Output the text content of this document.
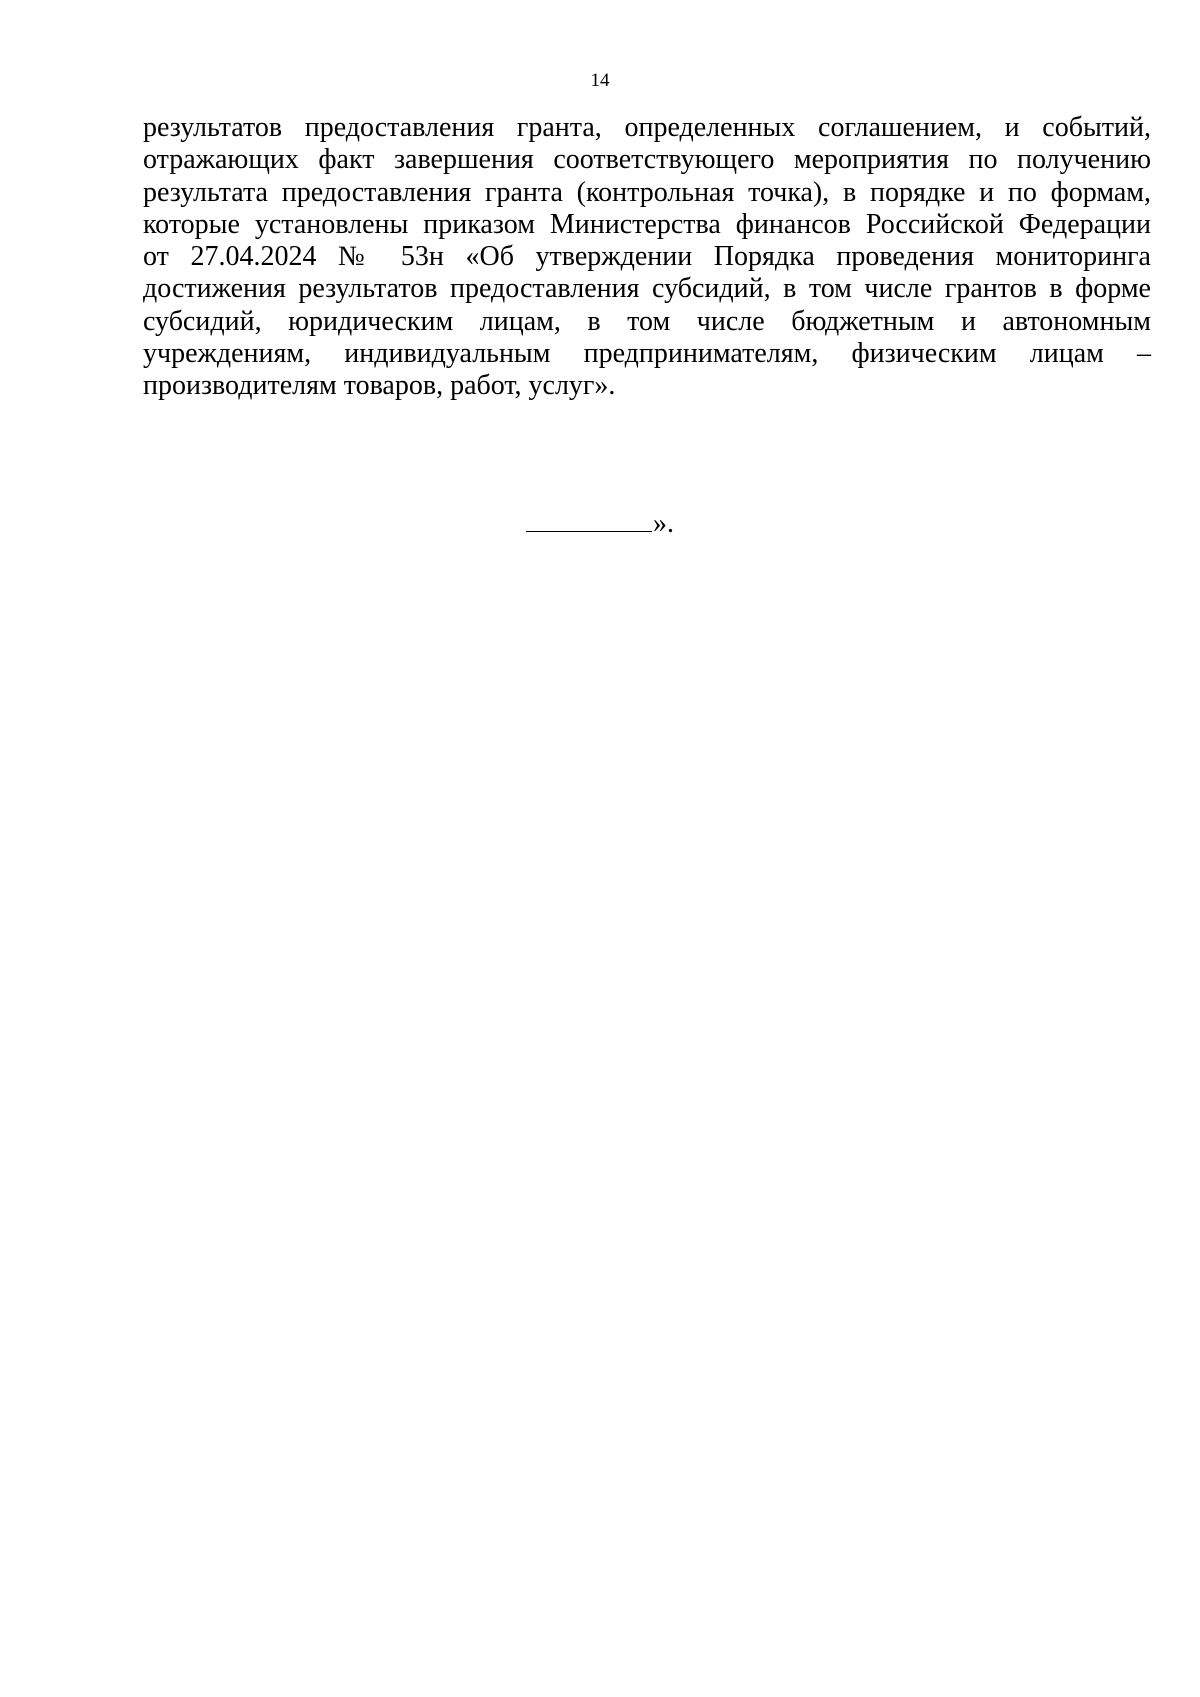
14
результатов предоставления гранта, определенных соглашением, и событий,
отражающих факт завершения соответствующего мероприятия по получению
результата предоставления гранта (контрольная точка), в порядке и по формам,
которые установлены приказом Министерства финансов Российской Федерации
от 27.04.2024 № 53н «Об утверждении Порядка проведения мониторинга
достижения результатов предоставления субсидий, в том числе грантов в форме
субсидий, юридическим лицам, в том числе бюджетным и автономным
учреждениям, индивидуальным предпринимателям, физическим лицам –
производителям товаров, работ, услуг».
».
